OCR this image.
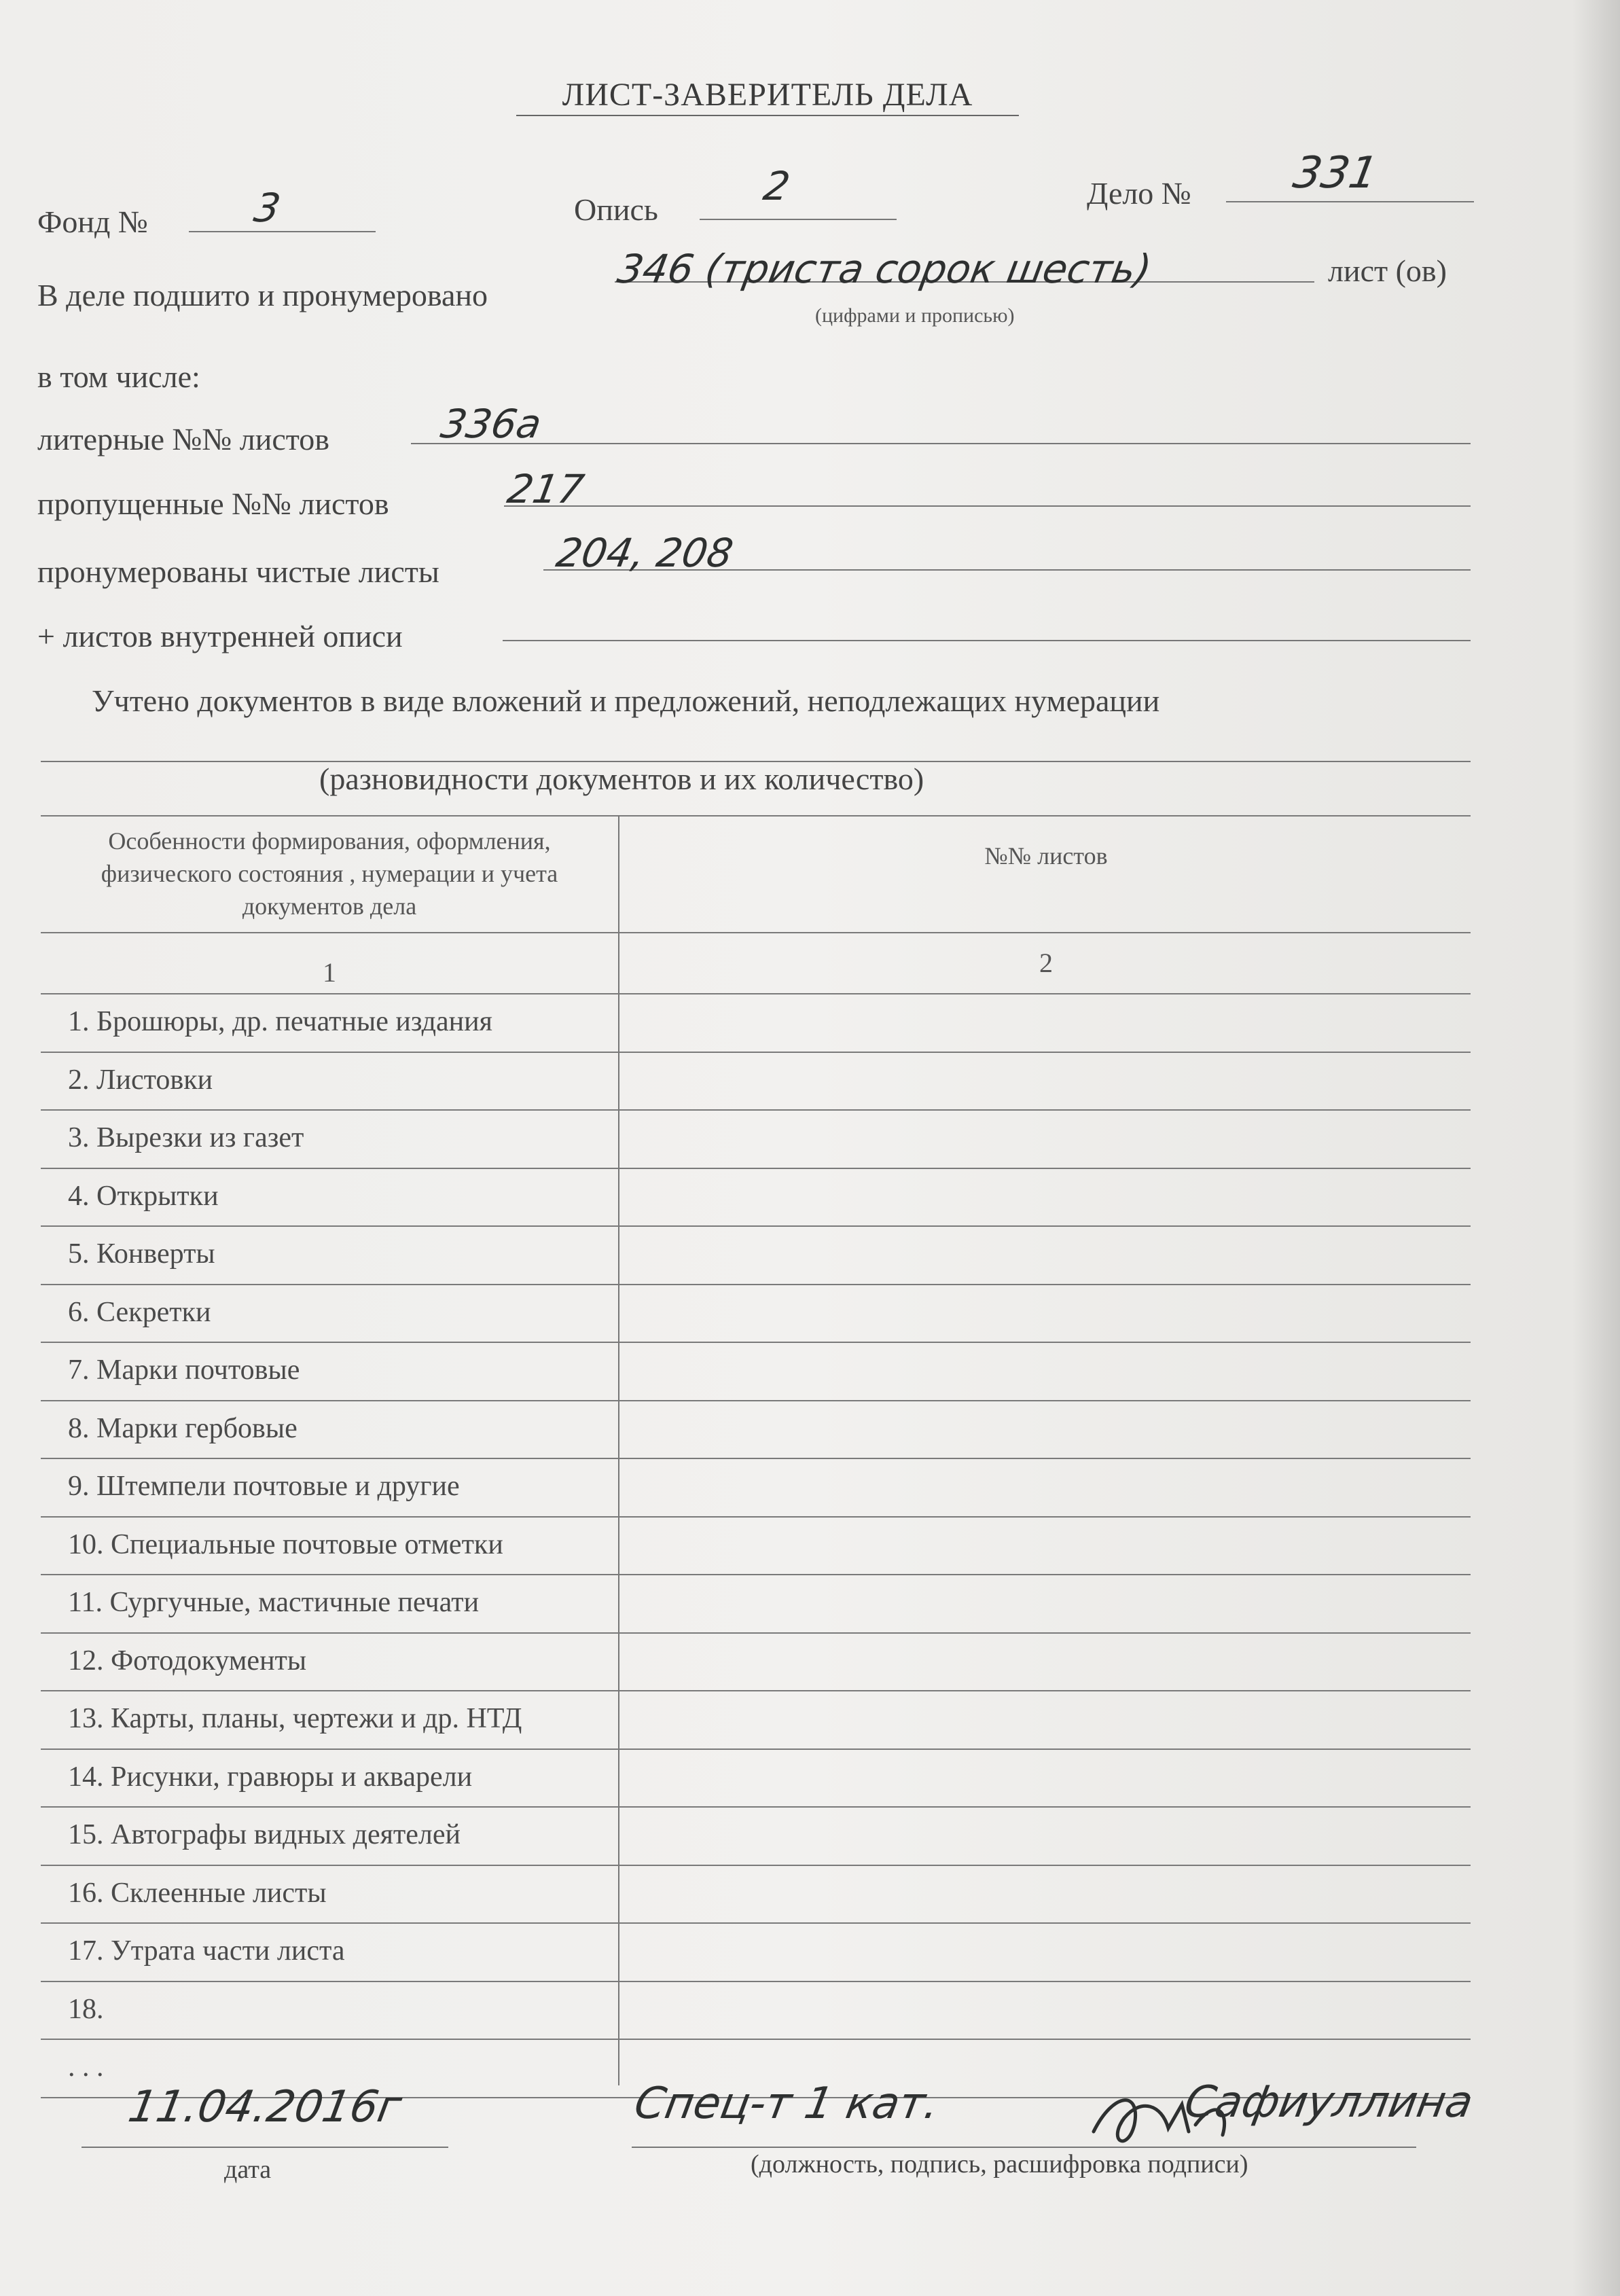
ЛИСТ-ЗАВЕРИТЕЛЬ ДЕЛА
Фонд №	3	Опись
2	Дело № 331
В деле подшито и пронумеровано
346 (триста сорок шесть)	лист (ов)
(цифрами и прописью)
в том числе:
литерные №№ листов	336а
пропущенные №№ листов	217
пронумерованы чистые листы	204, 208
+ листов внутренней описи
Учтено документов в виде вложений и предложений, неподлежащих нумерации
(разновидности документов и их количество)
Особенности формирования, оформления, физического состояния , нумерации и учета документов дела
№№ листов
1	2
1. Брошюры, др. печатные издания
2. Листовки
3. Вырезки из газет
4. Открытки
5. Конверты
6. Секретки
7. Марки почтовые
8. Марки гербовые
9. Штемпели почтовые и другие
10. Специальные почтовые отметки
11. Сургучные, мастичные печати
12. Фотодокументы
13. Карты, планы, чертежи и др. НТД
14. Рисунки, гравюры и акварели
15. Автографы видных деятелей
16. Склеенные листы
17. Утрата части листа
18.
. . .
11.04.2016г
дата
Спец-т 1 кат.	Сафиуллина
(должность, подпись, расшифровка подписи)
